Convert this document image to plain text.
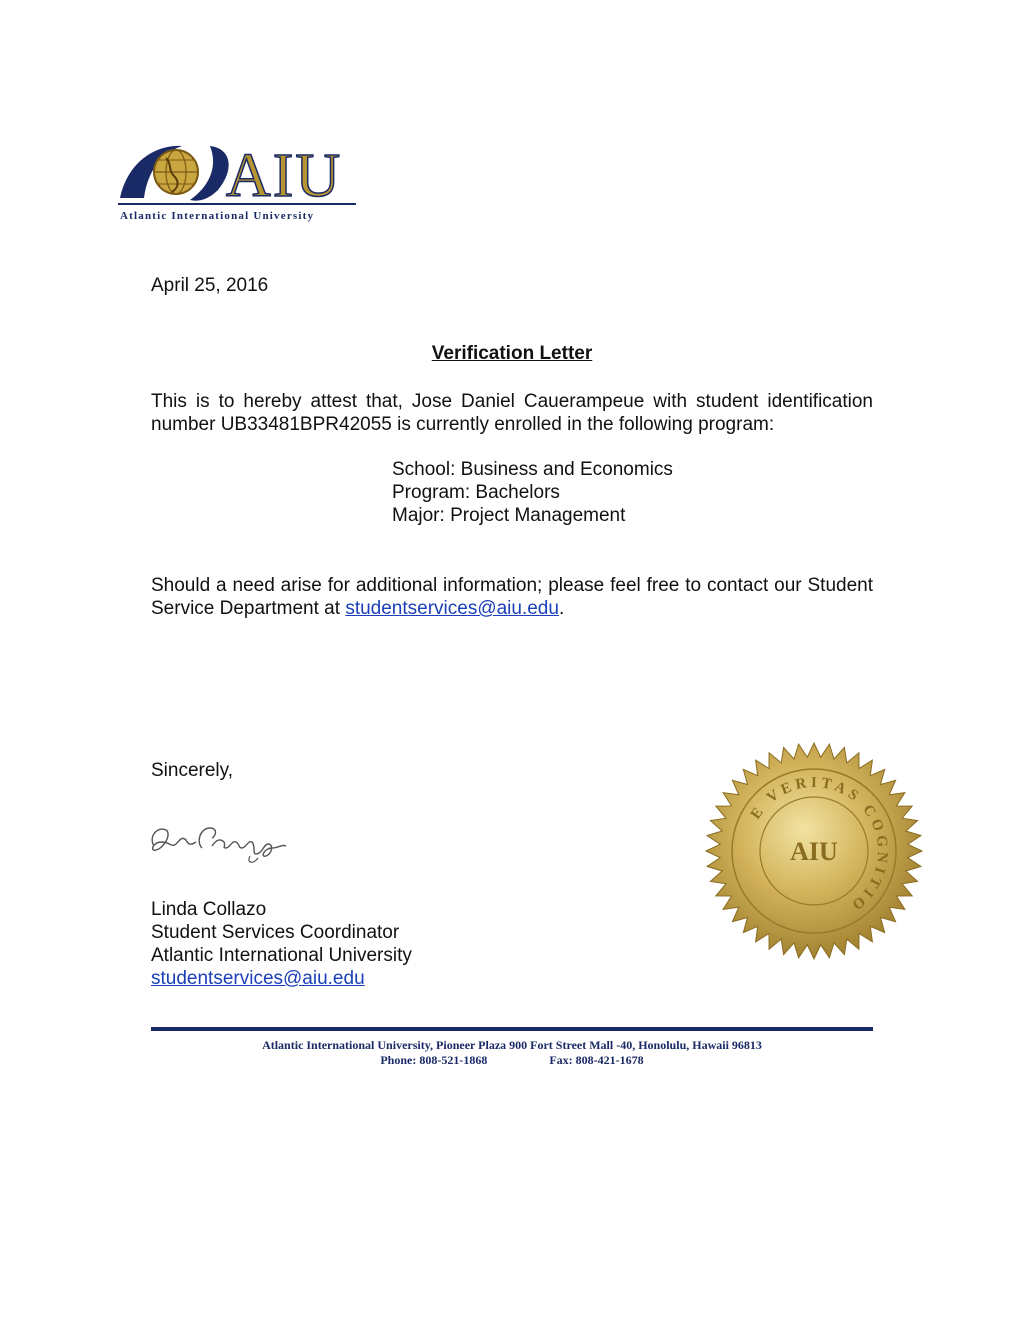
AIU
Atlantic International University
April 25, 2016
Verification Letter
This is to hereby attest that, Jose Daniel Cauerampeue with student identification number UB33481BPR42055 is currently enrolled in the following program:
School: Business and Economics
Program: Bachelors
Major: Project Management
Should a need arise for additional information; please feel free to contact our Student Service Department at studentservices@aiu.edu.
Sincerely,
Linda Collazo
Student Services Coordinator
Atlantic International University
studentservices@aiu.edu
E VERITAS COGNITIO
AIU
Atlantic International University, Pioneer Plaza 900 Fort Street Mall -40, Honolulu, Hawaii 96813
Phone: 808-521-1868	Fax: 808-421-1678
